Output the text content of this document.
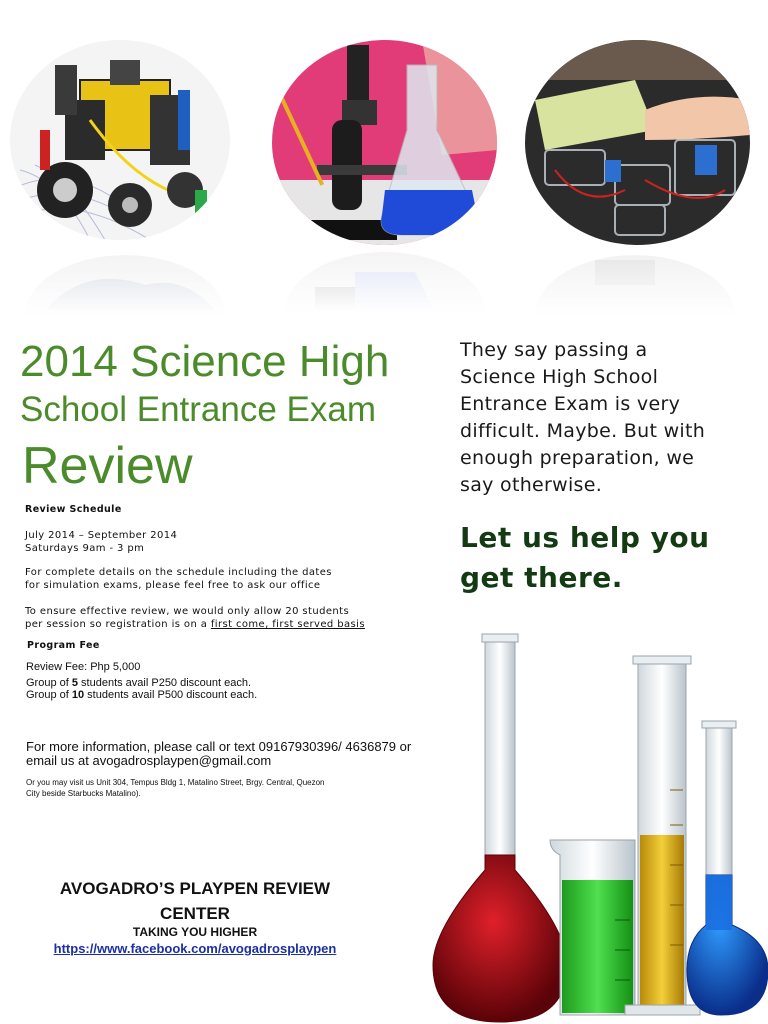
2014 Science High
School Entrance Exam
Review
Review Schedule
July 2014 – September 2014
Saturdays 9am - 3 pm
For complete details on the schedule including the dates
for simulation exams, please feel free to ask our office
To ensure effective review, we would only allow 20 students
per session so registration is on a first come, first served basis
Program Fee
Review Fee: Php 5,000
Group of 5 students avail P250 discount each.
Group of 10 students avail P500 discount each.
For more information, please call or text 09167930396/ 4636879 or
email us at avogadrosplaypen@gmail.com
Or you may visit us Unit 304, Tempus Bldg 1, Matalino Street, Brgy. Central, Quezon
City beside Starbucks Matalino).
They say passing a
Science High School
Entrance Exam is very
difficult. Maybe. But with
enough preparation, we
say otherwise.
Let us help you
get there.
AVOGADRO’S PLAYPEN REVIEW
CENTER
TAKING YOU HIGHER
https://www.facebook.com/avogadrosplaypen
